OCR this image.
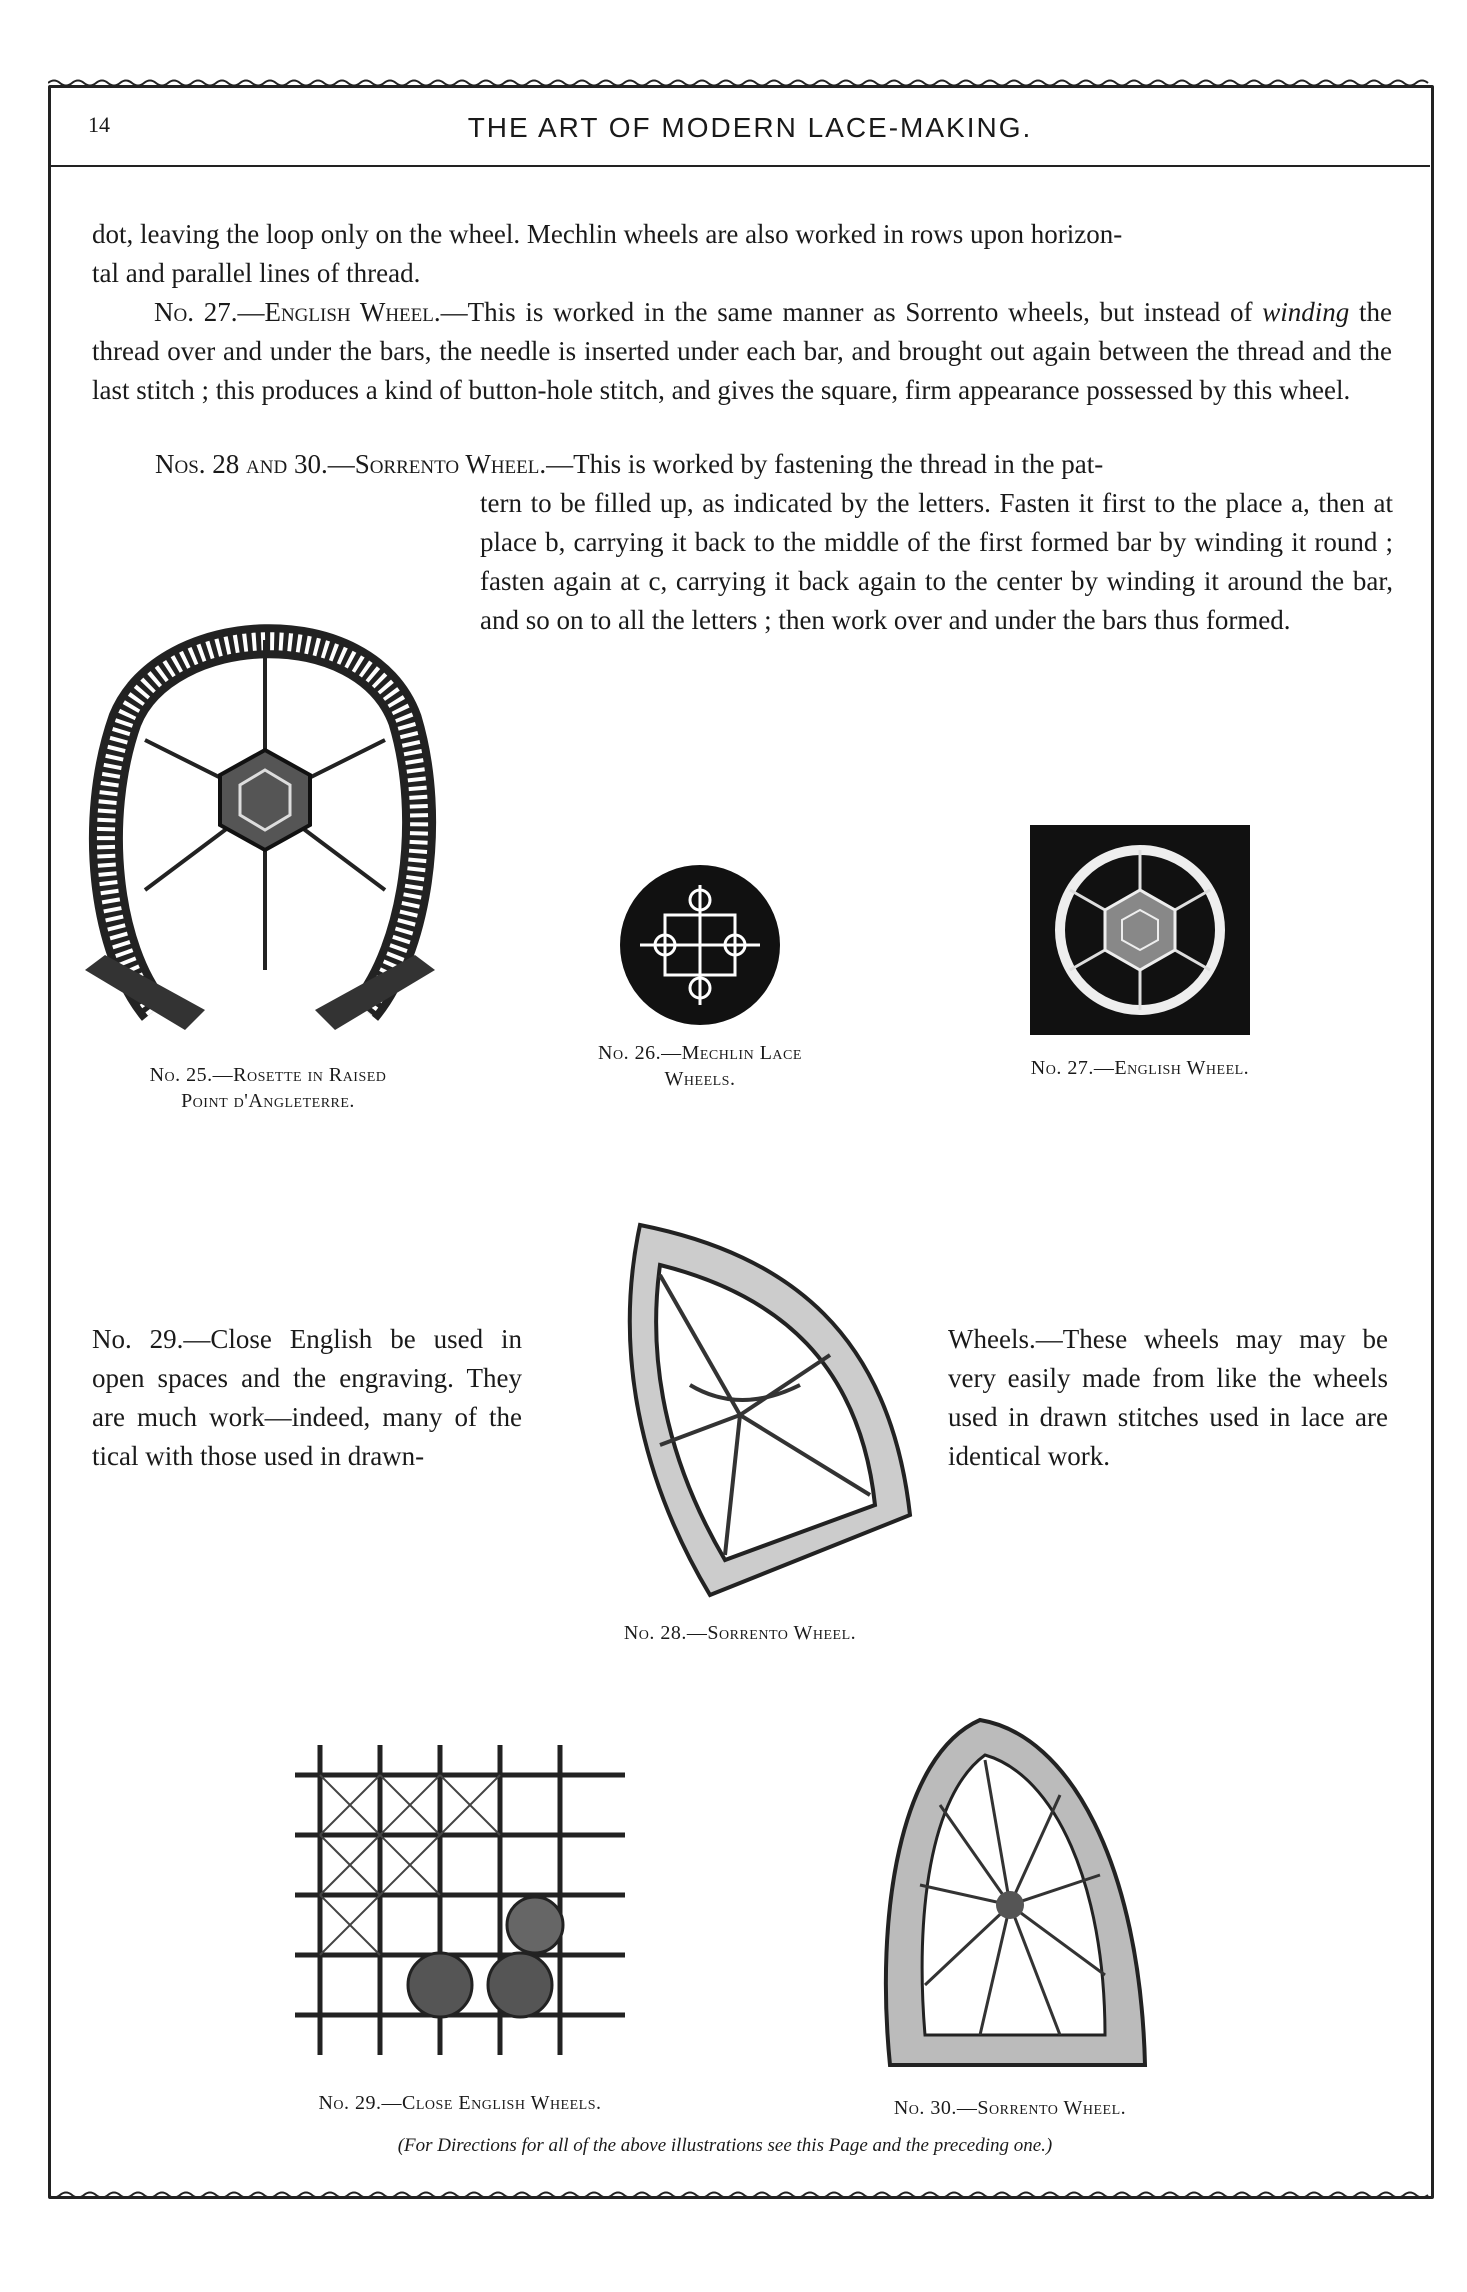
14	THE ART OF MODERN LACE-MAKING.
dot, leaving the loop only on the wheel. Mechlin wheels are also worked in rows upon horizon-
tal and parallel lines of thread.
No. 27.—English Wheel.—This is worked in the same manner as Sorrento wheels, but instead of winding the thread over and under the bars, the needle is inserted under each bar, and brought out again between the thread and the last stitch ; this produces a kind of button-hole stitch, and gives the square, firm appearance possessed by this wheel.
Nos. 28 and 30.—Sorrento Wheel.—This is worked by fastening the thread in the pat-
tern to be filled up, as indicated by the letters. Fasten it first to the place a, then at place b, carrying it back to the middle of the first formed bar by winding it round ; fasten again at c, carrying it back again to the center by winding it around the bar, and so on to all the letters ; then work over and under the bars thus formed.
No. 29.—Close English be used in open spaces and the engraving. They are much work—indeed, many of the tical with those used in drawn-
Wheels.—These wheels may may be very easily made from like the wheels used in drawn stitches used in lace are identical work.
No. 25.—Rosette in Raised
Point d'Angleterre.
No. 26.—Mechlin Lace
Wheels.	No. 27.—English Wheel.
No. 28.—Sorrento Wheel.
No. 29.—Close English Wheels.	No. 30.—Sorrento Wheel.
(For Directions for all of the above illustrations see this Page and the preceding one.)
